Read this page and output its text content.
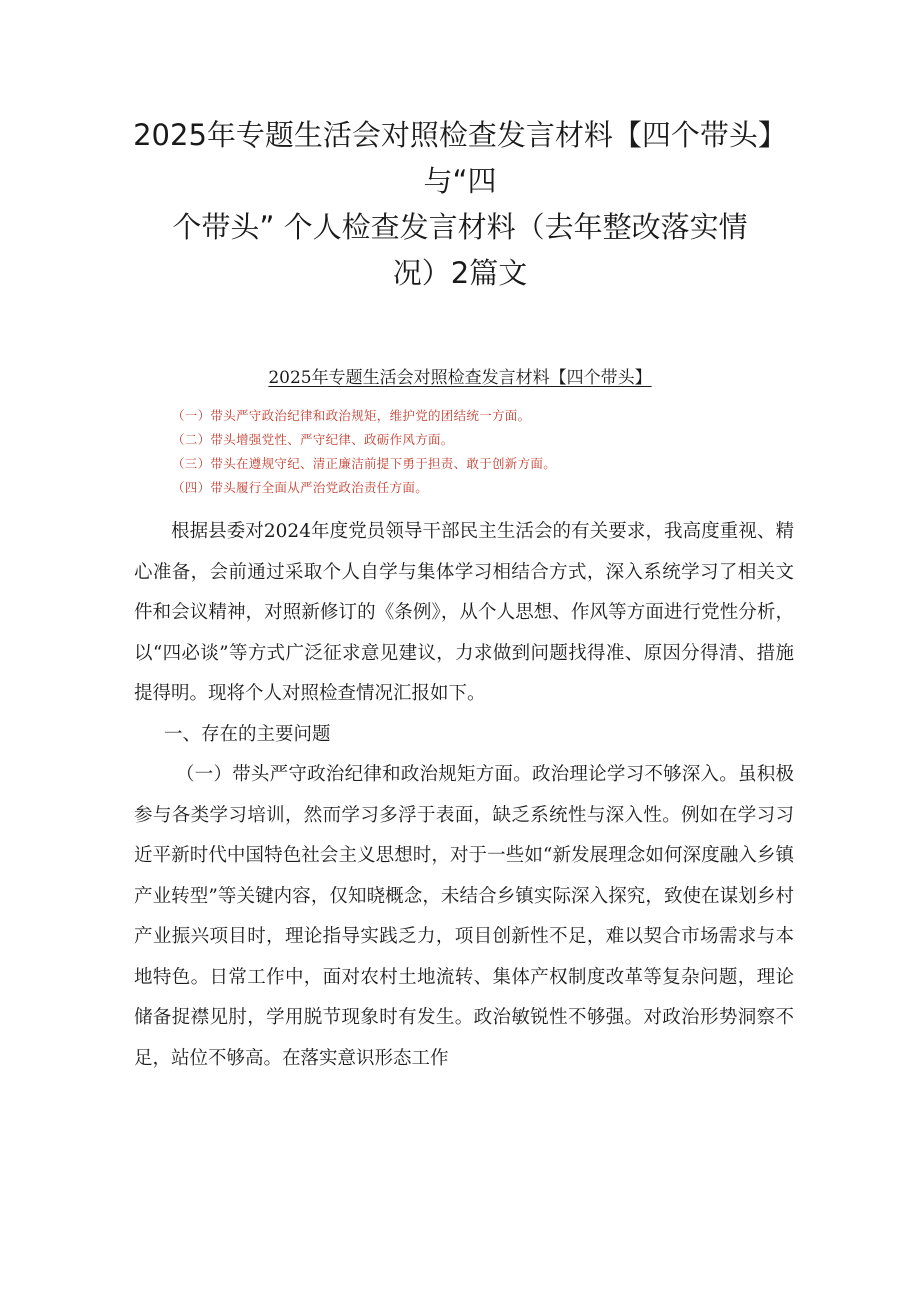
2025年专题生活会对照检查发言材料【四个带头】与“四
个带头” 个人检查发言材料（去年整改落实情
况）2篇文
2025年专题生活会对照检查发言材料【四个带头】
（一）带头严守政治纪律和政治规矩，维护党的团结统一方面。
（二）带头增强党性、严守纪律、政砺作风方面。
（三）带头在遵规守纪、清正廉洁前提下勇于担责、敢于创新方面。
（四）带头履行全面从严治党政治责任方面。

根据县委对2024年度党员领导干部民主生活会的有关要求，我高度重视、精心准备，会前通过采取个人自学与集体学习相结合方式，深入系统学习了相关文件和会议精神，对照新修订的《条例》，从个人思想、作风等方面进行党性分析，以“四必谈”等方式广泛征求意见建议，力求做到问题找得准、原因分得清、措施提得明。现将个人对照检查情况汇报如下。

一、存在的主要问题

（一）带头严守政治纪律和政治规矩方面。政治理论学习不够深入。虽积极参与各类学习培训，然而学习多浮于表面，缺乏系统性与深入性。例如在学习习近平新时代中国特色社会主义思想时，对于一些如“新发展理念如何深度融入乡镇产业转型”等关键内容，仅知晓概念，未结合乡镇实际深入探究，致使在谋划乡村产业振兴项目时，理论指导实践乏力，项目创新性不足，难以契合市场需求与本地特色。日常工作中，面对农村土地流转、集体产权制度改革等复杂问题，理论储备捉襟见肘，学用脱节现象时有发生。政治敏锐性不够强。对政治形势洞察不足，站位不够高。在落实意识形态工作
